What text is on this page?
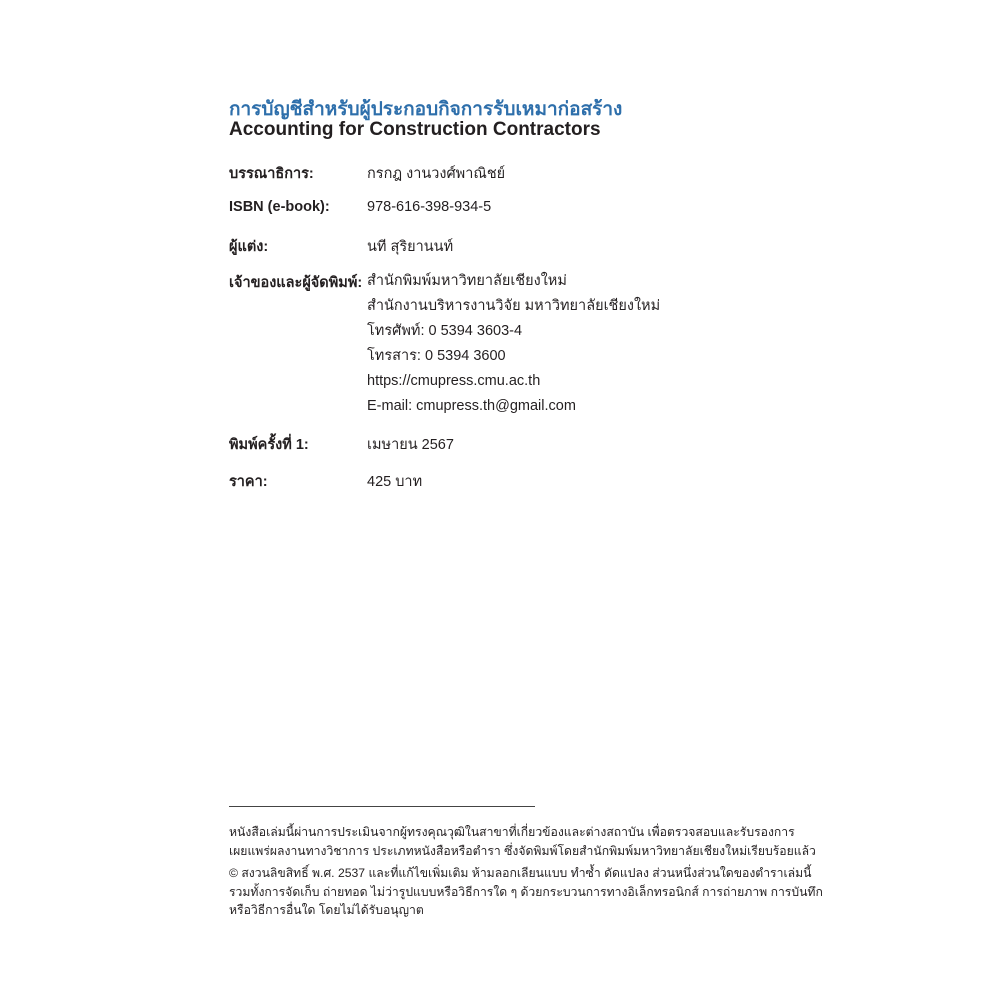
การบัญชีสำหรับผู้ประกอบกิจการรับเหมาก่อสร้าง
Accounting for Construction Contractors
บรรณาธิการ:	กรกฎ งานวงศ์พาณิชย์
ISBN (e-book):	978-616-398-934-5
ผู้แต่ง:	นที สุริยานนท์
เจ้าของและผู้จัดพิมพ์: สำนักพิมพ์มหาวิทยาลัยเชียงใหม่
สำนักงานบริหารงานวิจัย มหาวิทยาลัยเชียงใหม่
โทรศัพท์: 0 5394 3603-4
โทรสาร: 0 5394 3600
https://cmupress.cmu.ac.th
E-mail: cmupress.th@gmail.com
พิมพ์ครั้งที่ 1:	เมษายน 2567
ราคา:	425 บาท

หนังสือเล่มนี้ผ่านการประเมินจากผู้ทรงคุณวุฒิในสาขาที่เกี่ยวข้องและต่างสถาบัน เพื่อตรวจสอบและรับรองการ
เผยแพร่ผลงานทางวิชาการ ประเภทหนังสือหรือตำรา ซึ่งจัดพิมพ์โดยสำนักพิมพ์มหาวิทยาลัยเชียงใหม่เรียบร้อยแล้ว

© สงวนลิขสิทธิ์ พ.ศ. 2537 และที่แก้ไขเพิ่มเติม ห้ามลอกเลียนแบบ ทำซ้ำ ดัดแปลง ส่วนหนึ่งส่วนใดของตำราเล่มนี้
รวมทั้งการจัดเก็บ ถ่ายทอด ไม่ว่ารูปแบบหรือวิธีการใด ๆ ด้วยกระบวนการทางอิเล็กทรอนิกส์ การถ่ายภาพ การบันทึก
หรือวิธีการอื่นใด โดยไม่ได้รับอนุญาต
